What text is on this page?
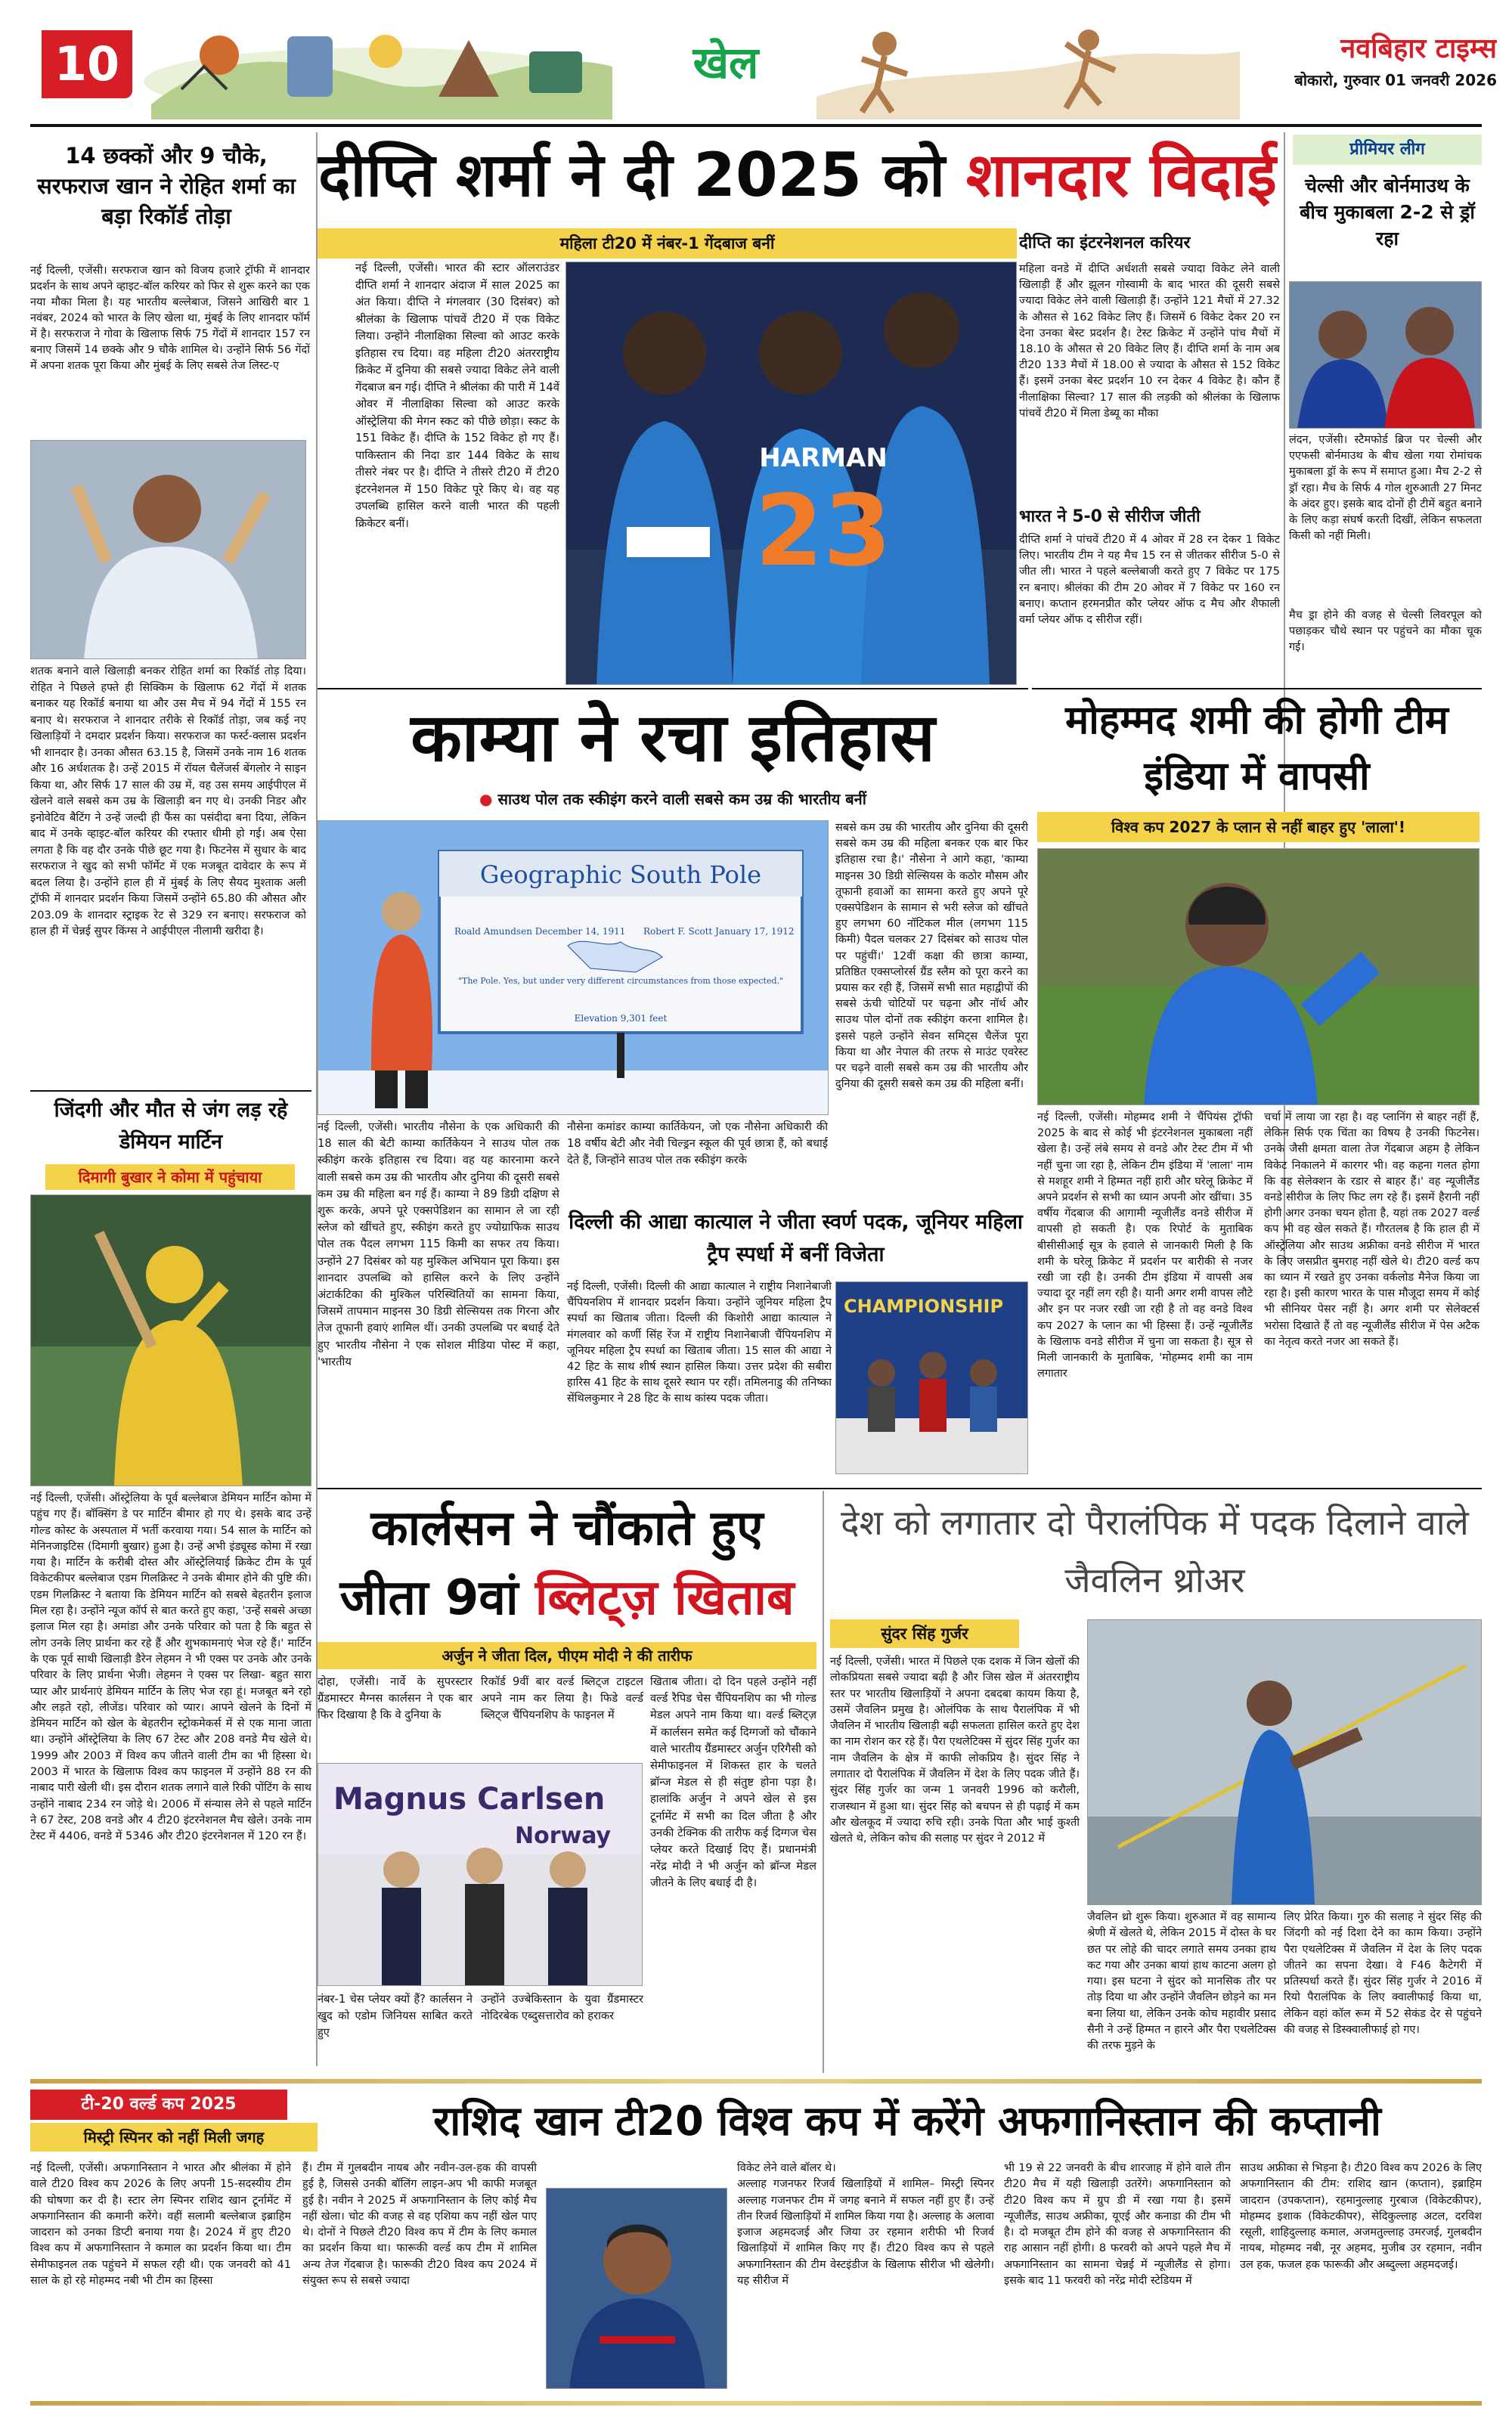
10	खेल	नवबिहार टाइम्स
बोकारो, गुरुवार 01 जनवरी 2026
14 छक्कों और 9 चौके, सरफराज खान ने रोहित शर्मा का बड़ा रिकॉर्ड तोड़ा
नई दिल्ली, एजेंसी। सरफराज खान को विजय हजारे ट्रॉफी में शानदार प्रदर्शन के साथ अपने व्हाइट-बॉल करियर को फिर से शुरू करने का एक नया मौका मिला है। यह भारतीय बल्लेबाज, जिसने आखिरी बार 1 नवंबर, 2024 को भारत के लिए खेला था, मुंबई के लिए शानदार फॉर्म में है। सरफराज ने गोवा के खिलाफ सिर्फ 75 गेंदों में शानदार 157 रन बनाए जिसमें 14 छक्के और 9 चौके शामिल थे। उन्होंने सिर्फ 56 गेंदों में अपना शतक पूरा किया और मुंबई के लिए सबसे तेज लिस्ट-ए
शतक बनाने वाले खिलाड़ी बनकर रोहित शर्मा का रिकॉर्ड तोड़ दिया। रोहित ने पिछले हफ्ते ही सिक्किम के खिलाफ 62 गेंदों में शतक बनाकर यह रिकॉर्ड बनाया था और उस मैच में 94 गेंदों में 155 रन बनाए थे। सरफराज ने शानदार तरीके से रिकॉर्ड तोड़ा, जब कई नए खिलाड़ियों ने दमदार प्रदर्शन किया। सरफराज का फर्स्ट-क्लास प्रदर्शन भी शानदार है। उनका औसत 63.15 है, जिसमें उनके नाम 16 शतक और 16 अर्धशतक है। उन्हें 2015 में रॉयल चैलेंजर्स बेंगलोर ने साइन किया था, और सिर्फ 17 साल की उम्र में, वह उस समय आईपीएल में खेलने वाले सबसे कम उम्र के खिलाड़ी बन गए थे। उनकी निडर और इनोवेटिव बैटिंग ने उन्हें जल्दी ही फैंस का पसंदीदा बना दिया, लेकिन बाद में उनके व्हाइट-बॉल करियर की रफ्तार धीमी हो गई। अब ऐसा लगता है कि वह दौर उनके पीछे छूट गया है। फिटनेस में सुधार के बाद सरफराज ने खुद को सभी फॉर्मेट में एक मजबूत दावेदार के रूप में बदल लिया है। उन्होंने हाल ही में मुंबई के लिए सैयद मुश्ताक अली ट्रॉफी में शानदार प्रदर्शन किया जिसमें उन्होंने 65.80 की औसत और 203.09 के शानदार स्ट्राइक रेट से 329 रन बनाए। सरफराज को हाल ही में चेन्नई सुपर किंग्स ने आईपीएल नीलामी खरीदा है।
जिंदगी और मौत से जंग लड़ रहे डेमियन मार्टिन
दिमागी बुखार ने कोमा में पहुंचाया
नई दिल्ली, एजेंसी। ऑस्ट्रेलिया के पूर्व बल्लेबाज डेमियन मार्टिन कोमा में पहुंच गए हैं। बॉक्सिंग डे पर मार्टिन बीमार हो गए थे। इसके बाद उन्हें गोल्ड कोस्ट के अस्पताल में भर्ती करवाया गया। 54 साल के मार्टिन को मेनिनजाइटिस (दिमागी बुखार) हुआ है। उन्हें अभी इंड्यूस्ड कोमा में रखा गया है। मार्टिन के करीबी दोस्त और ऑस्ट्रेलियाई क्रिकेट टीम के पूर्व विकेटकीपर बल्लेबाज एडम गिलक्रिस्ट ने उनके बीमार होने की पुष्टि की। एडम गिलक्रिस्ट ने बताया कि डेमियन मार्टिन को सबसे बेहतरीन इलाज मिल रहा है। उन्होंने न्यूज कॉर्प से बात करते हुए कहा, 'उन्हें सबसे अच्छा इलाज मिल रहा है। अमांडा और उनके परिवार को पता है कि बहुत से लोग उनके लिए प्रार्थना कर रहे हैं और शुभकामनाएं भेज रहे हैं।' मार्टिन के एक पूर्व साथी खिलाड़ी डैरेन लेहमन ने भी एक्स पर उनके और उनके परिवार के लिए प्रार्थना भेजी। लेहमन ने एक्स पर लिखा- बहुत सारा प्यार और प्रार्थनाएं डेमियन मार्टिन के लिए भेज रहा हूं। मजबूत बने रहो और लड़ते रहो, लीजेंड। परिवार को प्यार। आपने खेलने के दिनों में डेमियन मार्टिन को खेल के बेहतरीन स्ट्रोकमेकर्स में से एक माना जाता था। उन्होंने ऑस्ट्रेलिया के लिए 67 टेस्ट और 208 वनडे मैच खेले थे। 1999 और 2003 में विश्व कप जीतने वाली टीम का भी हिस्सा थे। 2003 में भारत के खिलाफ विश्व कप फाइनल में उन्होंने 88 रन की नाबाद पारी खेली थी। इस दौरान शतक लगाने वाले रिकी पोंटिंग के साथ उन्होंने नाबाद 234 रन जोड़े थे। 2006 में संन्यास लेने से पहले मार्टिन ने 67 टेस्ट, 208 वनडे और 4 टी20 इंटरनेशनल मैच खेले। उनके नाम टेस्ट में 4406, वनडे में 5346 और टी20 इंटरनेशनल में 120 रन हैं।
दीप्ति शर्मा ने दी 2025 को शानदार विदाई
महिला टी20 में नंबर-1 गेंदबाज बनीं
नई दिल्ली, एजेंसी। भारत की स्टार ऑलराउंडर दीप्ति शर्मा ने शानदार अंदाज में साल 2025 का अंत किया। दीप्ति ने मंगलवार (30 दिसंबर) को श्रीलंका के खिलाफ पांचवें टी20 में एक विकेट लिया। उन्होंने नीलाक्षिका सिल्वा को आउट करके इतिहास रच दिया। वह महिला टी20 अंतरराष्ट्रीय क्रिकेट में दुनिया की सबसे ज्यादा विकेट लेने वाली गेंदबाज बन गई। दीप्ति ने श्रीलंका की पारी में 14वें ओवर में नीलाक्षिका सिल्वा को आउट करके ऑस्ट्रेलिया की मेगन स्कट को पीछे छोड़ा। स्कट के 151 विकेट हैं। दीप्ति के 152 विकेट हो गए हैं। पाकिस्तान की निदा डार 144 विकेट के साथ तीसरे नंबर पर है। दीप्ति ने तीसरे टी20 में टी20 इंटरनेशनल में 150 विकेट पूरे किए थे। वह यह उपलब्धि हासिल करने वाली भारत की पहली क्रिकेटर बनीं।
HARMAN
23
दीप्ति का इंटरनेशनल करियर
महिला वनडे में दीप्ति अर्धशती सबसे ज्यादा विकेट लेने वाली खिलाड़ी हैं और झूलन गोस्वामी के बाद भारत की दूसरी सबसे ज्यादा विकेट लेने वाली खिलाड़ी हैं। उन्होंने 121 मैचों में 27.32 के औसत से 162 विकेट लिए हैं। जिसमें 6 विकेट देकर 20 रन देना उनका बेस्ट प्रदर्शन है। टेस्ट क्रिकेट में उन्होंने पांच मैचों में 18.10 के औसत से 20 विकेट लिए हैं। दीप्ति शर्मा के नाम अब टी20 133 मैचों में 18.00 से ज्यादा के औसत से 152 विकेट हैं। इसमें उनका बेस्ट प्रदर्शन 10 रन देकर 4 विकेट है। कौन हैं नीलाक्षिका सिल्वा? 17 साल की लड़की को श्रीलंका के खिलाफ पांचवें टी20 में मिला डेब्यू का मौका
भारत ने 5-0 से सीरीज जीती
दीप्ति शर्मा ने पांचवें टी20 में 4 ओवर में 28 रन देकर 1 विकेट लिए। भारतीय टीम ने यह मैच 15 रन से जीतकर सीरीज 5-0 से जीत ली। भारत ने पहले बल्लेबाजी करते हुए 7 विकेट पर 175 रन बनाए। श्रीलंका की टीम 20 ओवर में 7 विकेट पर 160 रन बनाए। कप्तान हरमनप्रीत कौर प्लेयर ऑफ द मैच और शैफाली वर्मा प्लेयर ऑफ द सीरीज रहीं।
प्रीमियर लीग
चेल्सी और बोर्नमाउथ के बीच मुकाबला 2-2 से ड्रॉ रहा
लंदन, एजेंसी। स्टैमफोर्ड ब्रिज पर चेल्सी और एएफसी बोर्नमाउथ के बीच खेला गया रोमांचक मुकाबला ड्रॉ के रूप में समाप्त हुआ। मैच 2-2 से ड्रॉ रहा। मैच के सिर्फ 4 गोल शुरुआती 27 मिनट के अंदर हुए। इसके बाद दोनों ही टीमें बहुत बनाने के लिए कड़ा संघर्ष करती दिखीं, लेकिन सफलता किसी को नहीं मिली।
मैच ड्रा होने की वजह से चेल्सी लिवरपूल को पछाड़कर चौथे स्थान पर पहुंचने का मौका चूक गई।
काम्या ने रचा इतिहास
● साउथ पोल तक स्कीइंग करने वाली सबसे कम उम्र की भारतीय बनीं
Geographic South Pole
Roald Amundsen December 14, 1911 Robert F. Scott January 17, 1912
"The Pole. Yes, but under very different circumstances from those expected."
Elevation 9,301 feet
नई दिल्ली, एजेंसी। भारतीय नौसेना के एक अधिकारी की 18 साल की बेटी काम्या कार्तिकेयन ने साउथ पोल तक स्कीइंग करके इतिहास रच दिया। वह यह कारनामा करने वाली सबसे कम उम्र की भारतीय और दुनिया की दूसरी सबसे कम उम्र की महिला बन गई हैं। काम्या ने 89 डिग्री दक्षिण से शुरू करके, अपने पूरे एक्सपेडिशन का सामान ले जा रही स्लेज को खींचते हुए, स्कीइंग करते हुए ज्योग्राफिक साउथ पोल तक पैदल लगभग 115 किमी का सफर तय किया। उन्होंने 27 दिसंबर को यह मुश्किल अभियान पूरा किया। इस शानदार उपलब्धि को हासिल करने के लिए उन्होंने अंटार्कटिका की मुश्किल परिस्थितियों का सामना किया, जिसमें तापमान माइनस 30 डिग्री सेल्सियस तक गिरना और तेज तूफानी हवाएं शामिल थीं। उनकी उपलब्धि पर बधाई देते हुए भारतीय नौसेना ने एक सोशल मीडिया पोस्ट में कहा, 'भारतीय
नौसेना कमांडर काम्या कार्तिकेयन, जो एक नौसेना अधिकारी की 18 वर्षीय बेटी और नेवी चिल्ड्रन स्कूल की पूर्व छात्रा हैं, को बधाई देते हैं, जिन्होंने साउथ पोल तक स्कीइंग करके
सबसे कम उम्र की भारतीय और दुनिया की दूसरी सबसे कम उम्र की महिला बनकर एक बार फिर इतिहास रचा है।' नौसेना ने आगे कहा, 'काम्या माइनस 30 डिग्री सेल्सियस के कठोर मौसम और तूफानी हवाओं का सामना करते हुए अपने पूरे एक्सपेडिशन के सामान से भरी स्लेज को खींचते हुए लगभग 60 नॉटिकल मील (लगभग 115 किमी) पैदल चलकर 27 दिसंबर को साउथ पोल पर पहुंचीं।' 12वीं कक्षा की छात्रा काम्या, प्रतिष्ठित एक्सप्लोरर्स ग्रैंड स्लैम को पूरा करने का प्रयास कर रही हैं, जिसमें सभी सात महाद्वीपों की सबसे ऊंची चोटियों पर चढ़ना और नॉर्थ और साउथ पोल दोनों तक स्कीइंग करना शामिल है। इससे पहले उन्होंने सेवन समिट्स चैलेंज पूरा किया था और नेपाल की तरफ से माउंट एवरेस्ट पर चढ़ने वाली सबसे कम उम्र की भारतीय और दुनिया की दूसरी सबसे कम उम्र की महिला बनीं।
दिल्ली की आद्या कात्याल ने जीता स्वर्ण पदक, जूनियर महिला ट्रैप स्पर्धा में बनीं विजेता
नई दिल्ली, एजेंसी। दिल्ली की आद्या कात्याल ने राष्ट्रीय निशानेबाजी चैंपियनशिप में शानदार प्रदर्शन किया। उन्होंने जूनियर महिला ट्रैप स्पर्धा का खिताब जीता। दिल्ली की किशोरी आद्या कात्याल ने मंगलवार को कर्णी सिंह रेंज में राष्ट्रीय निशानेबाजी चैंपियनशिप में जूनियर महिला ट्रैप स्पर्धा का खिताब जीता। 15 साल की आद्या ने 42 हिट के साथ शीर्ष स्थान हासिल किया। उत्तर प्रदेश की सबीरा हारिस 41 हिट के साथ दूसरे स्थान पर रहीं। तमिलनाडु की तनिष्का सेंथिलकुमार ने 28 हिट के साथ कांस्य पदक जीता।
CHAMPIONSHIP
मोहम्मद शमी की होगी टीम इंडिया में वापसी
विश्व कप 2027 के प्लान से नहीं बाहर हुए 'लाला'!
नई दिल्ली, एजेंसी। मोहम्मद शमी ने चैंपियंस ट्रॉफी 2025 के बाद से कोई भी इंटरनेशनल मुकाबला नहीं खेला है। उन्हें लंबे समय से वनडे और टेस्ट टीम में भी नहीं चुना जा रहा है, लेकिन टीम इंडिया में 'लाला' नाम से मशहूर शमी ने हिम्मत नहीं हारी और घरेलू क्रिकेट में अपने प्रदर्शन से सभी का ध्यान अपनी ओर खींचा। 35 वर्षीय गेंदबाज की आगामी न्यूजीलैंड वनडे सीरीज में वापसी हो सकती है। एक रिपोर्ट के मुताबिक बीसीसीआई सूत्र के हवाले से जानकारी मिली है कि शमी के घरेलू क्रिकेट में प्रदर्शन पर बारीकी से नजर रखी जा रही है। उनकी टीम इंडिया में वापसी अब ज्यादा दूर नहीं लग रही है। यानी अगर शमी वापस लौटे और इन पर नजर रखी जा रही है तो वह वनडे विश्व कप 2027 के प्लान का भी हिस्सा हैं। उन्हें न्यूजीलैंड के खिलाफ वनडे सीरीज में चुना जा सकता है। सूत्र से मिली जानकारी के मुताबिक, 'मोहम्मद शमी का नाम लगातार
चर्चा में लाया जा रहा है। वह प्लानिंग से बाहर नहीं हैं, लेकिन सिर्फ एक चिंता का विषय है उनकी फिटनेस। उनके जैसी क्षमता वाला तेज गेंदबाज अहम है लेकिन विकेट निकालने में कारगर भी। वह कहना गलत होगा कि वह सेलेक्शन के रडार से बाहर हैं।' वह न्यूजीलैंड वनडे सीरीज के लिए फिट लग रहे हैं। इसमें हैरानी नहीं होगी अगर उनका चयन होता है, यहां तक 2027 वर्ल्ड कप भी वह खेल सकते हैं। गौरतलब है कि हाल ही में ऑस्ट्रेलिया और साउथ अफ्रीका वनडे सीरीज में भारत के लिए जसप्रीत बुमराह नहीं खेले थे। टी20 वर्ल्ड कप का ध्यान में रखते हुए उनका वर्कलोड मैनेज किया जा रहा है। इसी कारण भारत के पास मौजूदा समय में कोई भी सीनियर पेसर नहीं है। अगर शमी पर सेलेक्टर्स भरोसा दिखाते हैं तो वह न्यूजीलैंड सीरीज में पेस अटैक का नेतृत्व करते नजर आ सकते हैं।
कार्लसन ने चौंकाते हुए
जीता 9वां ब्लिट्ज़ खिताब
अर्जुन ने जीता दिल, पीएम मोदी ने की तारीफ
दोहा, एजेंसी। नार्वे के सुपरस्टार ग्रैंडमास्टर मैग्नस कार्लसन ने एक बार फिर दिखाया है कि वे दुनिया के
रिकॉर्ड 9वीं बार वर्ल्ड ब्लिट्ज टाइटल अपने नाम कर लिया है। फिडे वर्ल्ड ब्लिट्ज चैंपियनशिप के फाइनल में
खिताब जीता। दो दिन पहले उन्होंने नहीं वर्ल्ड रैपिड चेस चैंपियनशिप का भी गोल्ड मेडल अपने नाम किया था। वर्ल्ड ब्लिट्ज़ में कार्लसन समेत कई दिग्गजों को चौंकाने वाले भारतीय ग्रैंडमास्टर अर्जुन एरिगैसी को सेमीफाइनल में शिकस्त हार के चलते ब्रॉन्ज मेडल से ही संतुष्ट होना पड़ा है। हालांकि अर्जुन ने अपने खेल से इस टूर्नामेंट में सभी का दिल जीता है और उनकी टेक्निक की तारीफ कई दिग्गज चेस प्लेयर करते दिखाई दिए हैं। प्रधानमंत्री नरेंद्र मोदी ने भी अर्जुन को ब्रॉन्ज मेडल जीतने के लिए बधाई दी है।
Magnus Carlsen
Norway
नंबर-1 चेस प्लेयर क्यों हैं? कार्लसन ने खुद को एडोम जिनियस साबित करते हुए
उन्होंने उज्बेकिस्तान के युवा ग्रैंडमास्टर नोदिरबेक एब्दुसत्तारोव को हराकर
देश को लगातार दो पैरालंपिक में पदक दिलाने वाले जैवलिन थ्रोअर
सुंदर सिंह गुर्जर
नई दिल्ली, एजेंसी। भारत में पिछले एक दशक में जिन खेलों की लोकप्रियता सबसे ज्यादा बढ़ी है और जिस खेल में अंतरराष्ट्रीय स्तर पर भारतीय खिलाड़ियों ने अपना दबदबा कायम किया है, उसमें जैवलिन प्रमुख है। ओलंपिक के साथ पैरालंपिक में भी जैवलिन में भारतीय खिलाड़ी बढ़ी सफलता हासिल करते हुए देश का नाम रोशन कर रहे हैं। पैरा एथलेटिक्स में सुंदर सिंह गुर्जर का नाम जैवलिन के क्षेत्र में काफी लोकप्रिय है। सुंदर सिंह ने लगातार दो पैरालंपिक में जैवलिन में देश के लिए पदक जीते हैं। सुंदर सिंह गुर्जर का जन्म 1 जनवरी 1996 को करौली, राजस्थान में हुआ था। सुंदर सिंह को बचपन से ही पढ़ाई में कम और खेलकूद में ज्यादा रुचि रही। उनके पिता और भाई कुश्ती खेलते थे, लेकिन कोच की सलाह पर सुंदर ने 2012 में
जैवलिन थ्रो शुरू किया। शुरुआत में वह सामान्य श्रेणी में खेलते थे, लेकिन 2015 में दोस्त के घर छत पर लोहे की चादर लगाते समय उनका हाथ कट गया और उनका बायां हाथ काटना अलग हो गया। इस घटना ने सुंदर को मानसिक तौर पर तोड़ दिया था और उन्होंने जैवलिन छोड़ने का मन बना लिया था, लेकिन उनके कोच महावीर प्रसाद सैनी ने उन्हें हिम्मत न हारने और पैरा एथलेटिक्स की तरफ मुड़ने के
लिए प्रेरित किया। गुरु की सलाह ने सुंदर सिंह की जिंदगी को नई दिशा देने का काम किया। उन्होंने पैरा एथलेटिक्स में जैवलिन में देश के लिए पदक जीतने का सपना देखा। वे F46 कैटेगरी में प्रतिस्पर्धा करते हैं। सुंदर सिंह गुर्जर ने 2016 में रियो पैरालंपिक के लिए क्वालीफाई किया था, लेकिन वहां कॉल रूम में 52 सेकंड देर से पहुंचने की वजह से डिस्क्वालीफाई हो गए।
टी-20 वर्ल्ड कप 2025
मिस्ट्री स्पिनर को नहीं मिली जगह	राशिद खान टी20 विश्व कप में करेंगे अफगानिस्तान की कप्तानी
नई दिल्ली, एजेंसी। अफगानिस्तान ने भारत और श्रीलंका में होने वाले टी20 विश्व कप 2026 के लिए अपनी 15-सदस्यीय टीम की घोषणा कर दी है। स्टार लेग स्पिनर राशिद खान टूर्नामेंट में अफगानिस्तान की कमानी करेंगे। वहीं सलामी बल्लेबाज इब्राहिम जादरान को उनका डिप्टी बनाया गया है। 2024 में हुए टी20 विश्व कप में अफगानिस्तान ने कमाल का प्रदर्शन किया था। टीम सेमीफाइनल तक पहुंचने में सफल रही थी। एक जनवरी को 41 साल के हो रहे मोहम्मद नबी भी टीम का हिस्सा
हैं। टीम में गुलबदीन नायब और नवीन-उल-हक की वापसी हुई है, जिससे उनकी बॉलिंग लाइन-अप भी काफी मजबूत हुई है। नवीन ने 2025 में अफगानिस्तान के लिए कोई मैच नहीं खेला। चोट की वजह से वह एशिया कप नहीं खेल पाए थे। दोनों ने पिछले टी20 विश्व कप में टीम के लिए कमाल का प्रदर्शन किया था। फारूकी वर्ल्ड कप टीम में शामिल अन्य तेज गेंदबाज है। फारूकी टी20 विश्व कप 2024 में संयुक्त रूप से सबसे ज्यादा
विकेट लेने वाले बॉलर थे।
अल्लाह गजनफर रिजर्व खिलाड़ियों में शामिल– मिस्ट्री स्पिनर अल्लाह गजनफर टीम में जगह बनाने में सफल नहीं हुए हैं। उन्हें तीन रिजर्व खिलाड़ियों में शामिल किया गया है। अल्लाह के अलावा इजाज अहमदजई और जिया उर रहमान शरीफी भी रिजर्व खिलाड़ियों में शामिल किए गए हैं। टी20 विश्व कप से पहले अफगानिस्तान की टीम वेस्टइंडीज के खिलाफ सीरीज भी खेलेगी। यह सीरीज में
भी 19 से 22 जनवरी के बीच शारजाह में होने वाले तीन टी20 मैच में यही खिलाड़ी उतरेंगे। अफगानिस्तान को टी20 विश्व कप में ग्रुप डी में रखा गया है। इसमें न्यूजीलैंड, साउथ अफ्रीका, यूएई और कनाडा की टीम भी है। दो मजबूत टीम होने की वजह से अफगानिस्तान की राह आसान नहीं होगी। 8 फरवरी को अपने पहले मैच में अफगानिस्तान का सामना चेन्नई में न्यूजीलैंड से होगा। इसके बाद 11 फरवरी को नरेंद्र मोदी स्टेडियम में
साउथ अफ्रीका से भिड़ना है। टी20 विश्व कप 2026 के लिए अफगानिस्तान की टीम: राशिद खान (कप्तान), इब्राहिम जादरान (उपकप्तान), रहमानुल्लाह गुरबाज (विकेटकीपर), मोहम्मद इशाक (विकेटकीपर), सेदिकुल्लाह अटल, दरविश रसूली, शाहिदुल्लाह कमाल, अजमतुल्लाह उमरजई, गुलबदीन नायब, मोहम्मद नबी, नूर अहमद, मुजीब उर रहमान, नवीन उल हक, फजल हक फारूकी और अब्दुल्ला अहमदजई।
